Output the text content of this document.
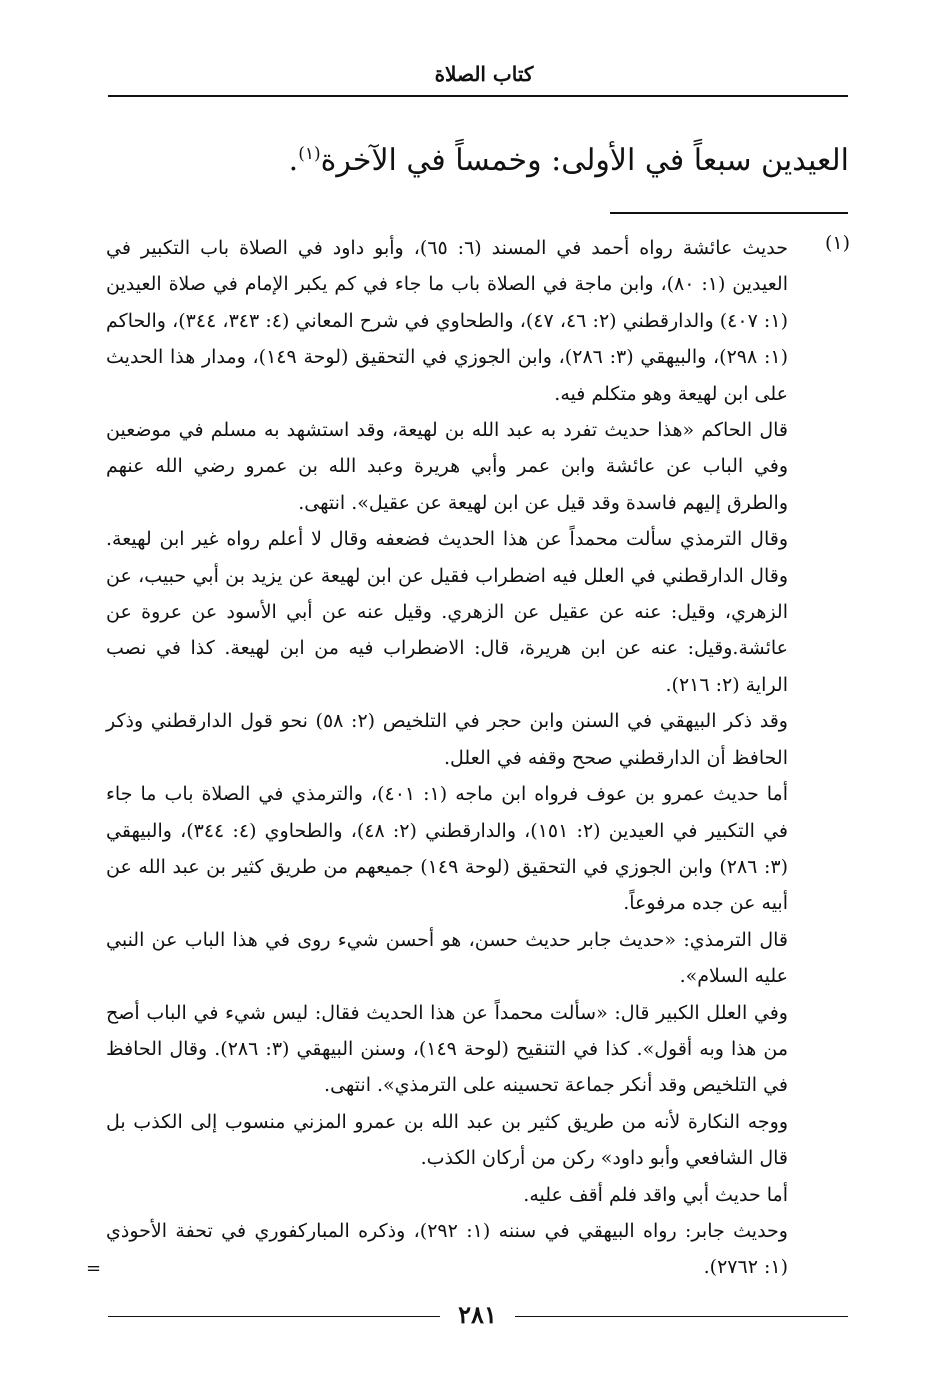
كتاب الصلاة
العيدين سبعاً في الأولى: وخمساً في الآخرة$^{(١)}$.
(١)

حديث عائشة رواه أحمد في المسند (٦: ٦٥)، وأبو داود في الصلاة باب التكبير في العيدين (١: ٨٠)، وابن ماجة في الصلاة باب ما جاء في كم يكبر الإمام في صلاة العيدين (١: ٤٠٧) والدارقطني (٢: ٤٦، ٤٧)، والطحاوي في شرح المعاني (٤: ٣٤٣، ٣٤٤)، والحاكم (١: ٢٩٨)، والبيهقي (٣: ٢٨٦)، وابن الجوزي في التحقيق (لوحة ١٤٩)، ومدار هذا الحديث على ابن لهيعة وهو متكلم فيه.

قال الحاكم «هذا حديث تفرد به عبد الله بن لهيعة، وقد استشهد به مسلم في موضعين وفي الباب عن عائشة وابن عمر وأبي هريرة وعبد الله بن عمرو رضي الله عنهم والطرق إليهم فاسدة وقد قيل عن ابن لهيعة عن عقيل». انتهى.

وقال الترمذي سألت محمداً عن هذا الحديث فضعفه وقال لا أعلم رواه غير ابن لهيعة. وقال الدارقطني في العلل فيه اضطراب فقيل عن ابن لهيعة عن يزيد بن أبي حبيب، عن الزهري، وقيل: عنه عن عقيل عن الزهري. وقيل عنه عن أبي الأسود عن عروة عن عائشة.وقيل: عنه عن ابن هريرة، قال: الاضطراب فيه من ابن لهيعة. كذا في نصب الراية (٢: ٢١٦).

وقد ذكر البيهقي في السنن وابن حجر في التلخيص (٢: ٥٨) نحو قول الدارقطني وذكر الحافظ أن الدارقطني صحح وقفه في العلل.

أما حديث عمرو بن عوف فرواه ابن ماجه (١: ٤٠١)، والترمذي في الصلاة باب ما جاء في التكبير في العيدين (٢: ١٥١)، والدارقطني (٢: ٤٨)، والطحاوي (٤: ٣٤٤)، والبيهقي (٣: ٢٨٦) وابن الجوزي في التحقيق (لوحة ١٤٩) جميعهم من طريق كثير بن عبد الله عن أبيه عن جده مرفوعاً.

قال الترمذي: «حديث جابر حديث حسن، هو أحسن شيء روى في هذا الباب عن النبي عليه السلام».

وفي العلل الكبير قال: «سألت محمداً عن هذا الحديث فقال: ليس شيء في الباب أصح من هذا وبه أقول». كذا في التنقيح (لوحة ١٤٩)، وسنن البيهقي (٣: ٢٨٦). وقال الحافظ في التلخيص وقد أنكر جماعة تحسينه على الترمذي». انتهى.

ووجه النكارة لأنه من طريق كثير بن عبد الله بن عمرو المزني منسوب إلى الكذب بل قال الشافعي وأبو داود» ركن من أركان الكذب.

أما حديث أبي واقد فلم أقف عليه.

وحديث جابر: رواه البيهقي في سننه (١: ٢٩٢)، وذكره المباركفوري في تحفة الأحوذي (١: ٢٧٦٢).

=
٢٨١
